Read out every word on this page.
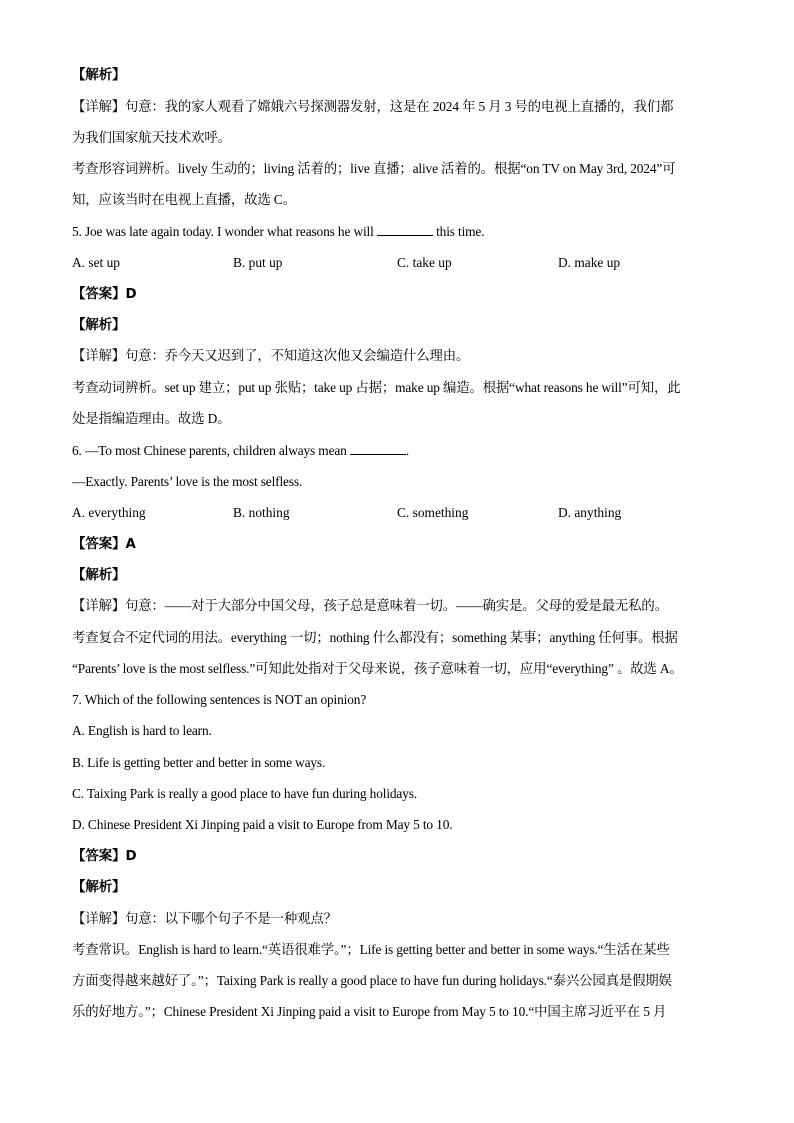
【解析】
【详解】句意：我的家人观看了嫦娥六号探测器发射，这是在 2024 年 5 月 3 号的电视上直播的，我们都
为我们国家航天技术欢呼。
考查形容词辨析。lively 生动的；living 活着的；live 直播；alive 活着的。根据“on TV on May 3rd, 2024”可
知，应该当时在电视上直播，故选 C。
5. Joe was late again today. I wonder what reasons he will	this time.
A. set up	B. put up	C. take up	D. make up
【答案】D
【解析】
【详解】句意：乔今天又迟到了，不知道这次他又会编造什么理由。
考查动词辨析。set up 建立；put up 张贴；take up 占据；make up 编造。根据“what reasons he will”可知，此
处是指编造理由。故选 D。
6. —To most Chinese parents, children always mean	.
—Exactly. Parents’ love is the most selfless.
A. everything	B. nothing	C. something	D. anything
【答案】A
【解析】
【详解】句意：——对于大部分中国父母，孩子总是意味着一切。——确实是。父母的爱是最无私的。
考查复合不定代词的用法。everything 一切；nothing 什么都没有；something 某事；anything 任何事。根据
“Parents’ love is the most selfless.”可知此处指对于父母来说，孩子意味着一切，应用“everything” 。故选 A。
7. Which of the following sentences is NOT an opinion?
A. English is hard to learn.
B. Life is getting better and better in some ways.
C. Taixing Park is really a good place to have fun during holidays.
D. Chinese President Xi Jinping paid a visit to Europe from May 5 to 10.
【答案】D
【解析】
【详解】句意：以下哪个句子不是一种观点？
考查常识。English is hard to learn.“英语很难学。”；Life is getting better and better in some ways.“生活在某些
方面变得越来越好了。”；Taixing Park is really a good place to have fun during holidays.“泰兴公园真是假期娱
乐的好地方。”；Chinese President Xi Jinping paid a visit to Europe from May 5 to 10.“中国主席习近平在 5 月
